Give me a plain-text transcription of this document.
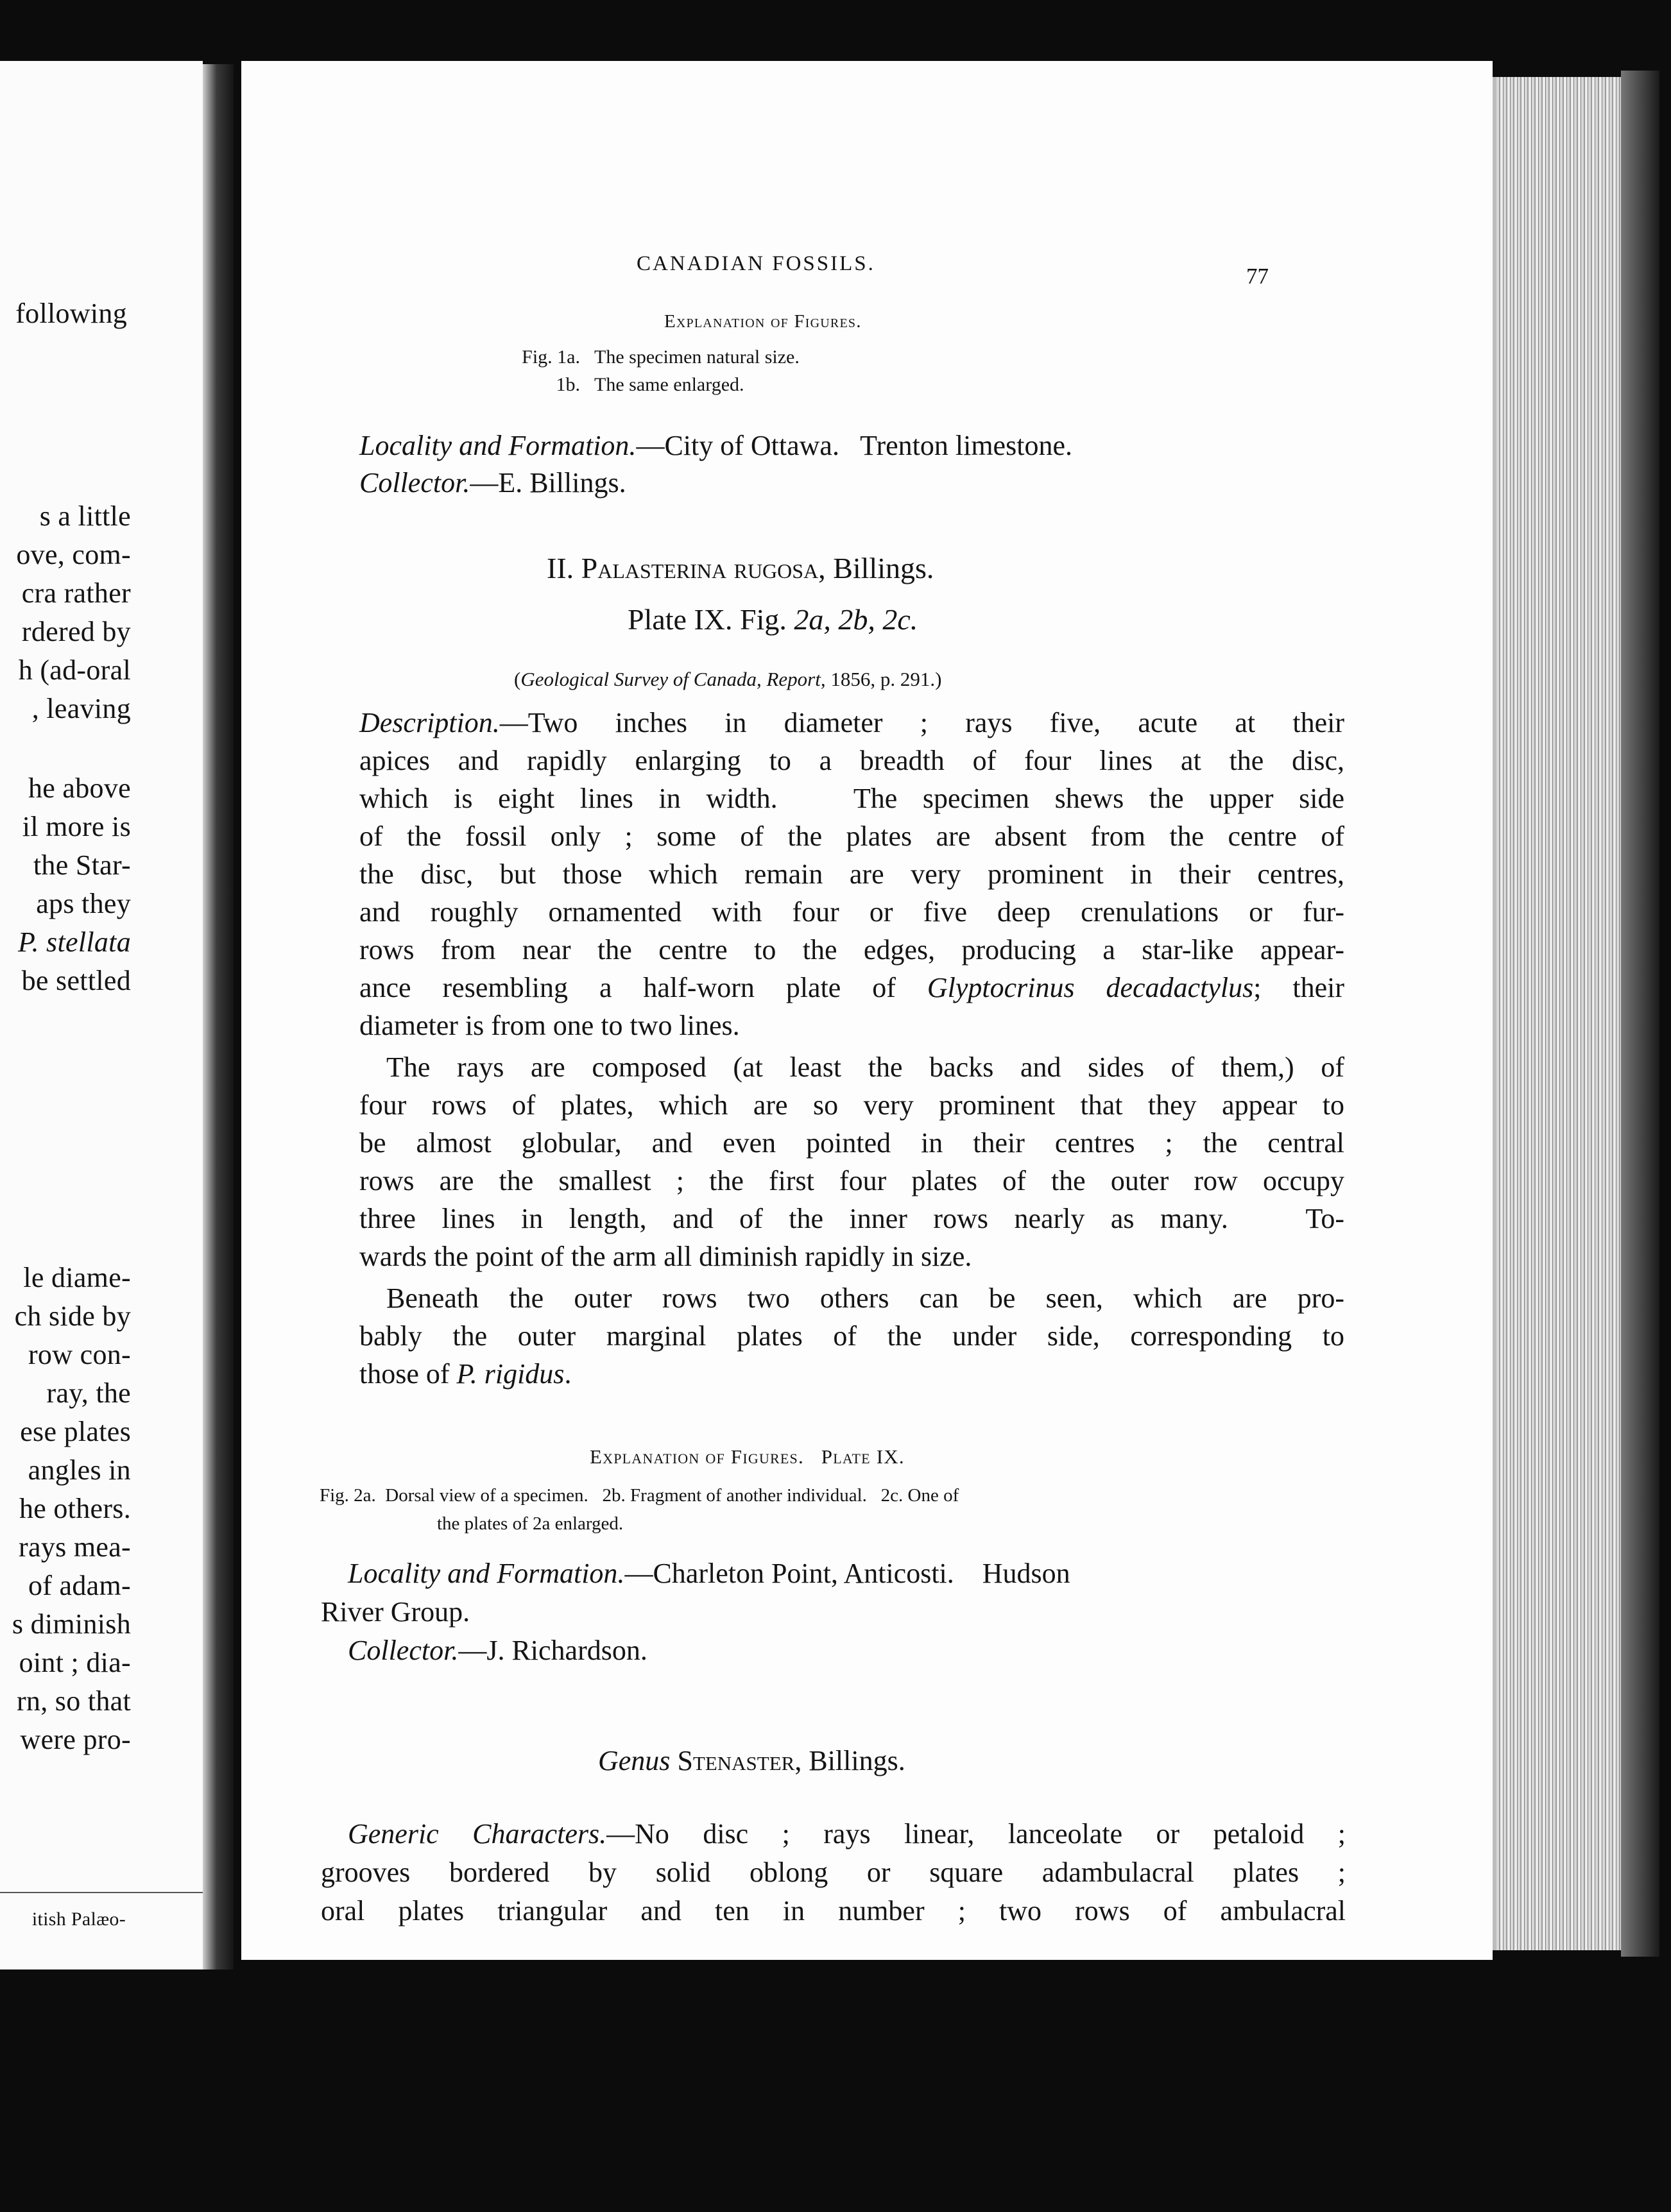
following
s a little
ove, com-
cra rather
rdered by
h (ad-oral
, leaving
he above
il more is
the Star-
aps they
P. stellata
be settled
le diame-
ch side by
row con-
ray, the
ese plates
angles in
he others.
rays mea-
of adam-
s diminish
oint ; dia-
rn, so that
were pro-
itish Palæo-
CANADIAN FOSSILS.	77
Explanation of Figures.
Fig. 1a. The specimen natural size.
1b. The same enlarged.
Locality and Formation.—City of Ottawa.   Trenton limestone.
Collector.—E. Billings.
II. Palasterina rugosa, Billings.
Plate IX. Fig. 2a, 2b, 2c.
(Geological Survey of Canada, Report, 1856, p. 291.)
Description.—Two inches in diameter ; rays five, acute at their
apices and rapidly enlarging to a breadth of four lines at the disc,
which is eight lines in width.   The specimen shews the upper side
of the fossil only ; some of the plates are absent from the centre of
the disc, but those which remain are very prominent in their centres,
and roughly ornamented with four or five deep crenulations or fur-
rows from near the centre to the edges, producing a star-like appear-
ance resembling a half-worn plate of Glyptocrinus decadactylus; their
diameter is from one to two lines.
The rays are composed (at least the backs and sides of them,) of
four rows of plates, which are so very prominent that they appear to
be almost globular, and even pointed in their centres ; the central
rows are the smallest ; the first four plates of the outer row occupy
three lines in length, and of the inner rows nearly as many.   To-
wards the point of the arm all diminish rapidly in size.
Beneath the outer rows two others can be seen, which are pro-
bably the outer marginal plates of the under side, corresponding to
those of P. rigidus.
Explanation of Figures.   Plate IX.
Fig. 2a.  Dorsal view of a specimen.   2b. Fragment of another individual.   2c. One of
the plates of 2a enlarged.
Locality and Formation.—Charleton Point, Anticosti.    Hudson
River Group.
Collector.—J. Richardson.
Genus Stenaster, Billings.
Generic Characters.—No disc ; rays linear, lanceolate or petaloid ;
grooves bordered by solid oblong or square adambulacral plates ;
oral plates triangular and ten in number ; two rows of ambulacral
